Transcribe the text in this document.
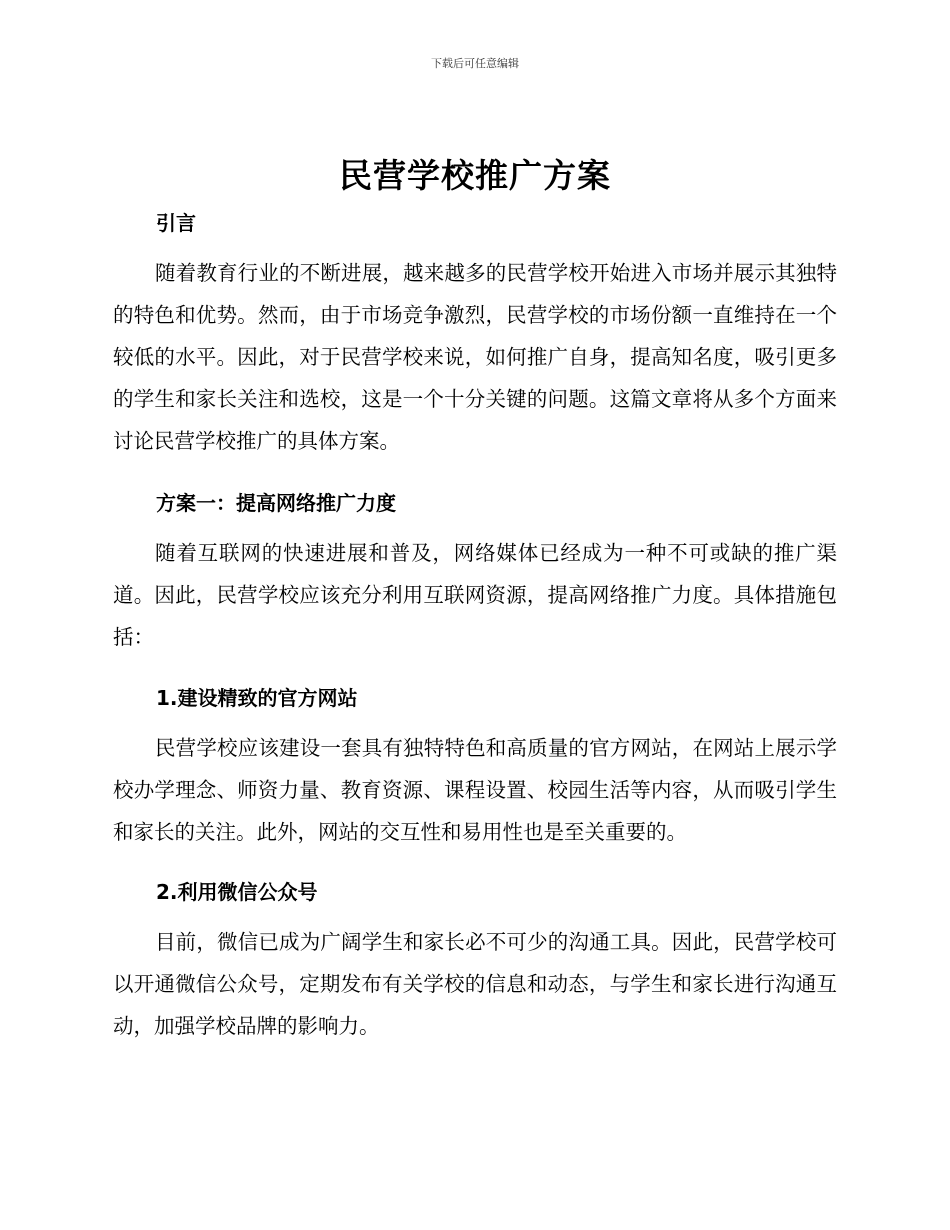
下载后可任意编辑
民营学校推广方案
引言

随着教育行业的不断进展，越来越多的民营学校开始进入市场并展示其独特的特色和优势。然而，由于市场竞争激烈，民营学校的市场份额一直维持在一个较低的水平。因此，对于民营学校来说，如何推广自身，提高知名度，吸引更多的学生和家长关注和选校，这是一个十分关键的问题。这篇文章将从多个方面来讨论民营学校推广的具体方案。

方案一：提高网络推广力度

随着互联网的快速进展和普及，网络媒体已经成为一种不可或缺的推广渠道。因此，民营学校应该充分利用互联网资源，提高网络推广力度。具体措施包括：

1.建设精致的官方网站

民营学校应该建设一套具有独特特色和高质量的官方网站，在网站上展示学校办学理念、师资力量、教育资源、课程设置、校园生活等内容，从而吸引学生和家长的关注。此外，网站的交互性和易用性也是至关重要的。

2.利用微信公众号

目前，微信已成为广阔学生和家长必不可少的沟通工具。因此，民营学校可以开通微信公众号，定期发布有关学校的信息和动态，与学生和家长进行沟通互动，加强学校品牌的影响力。
